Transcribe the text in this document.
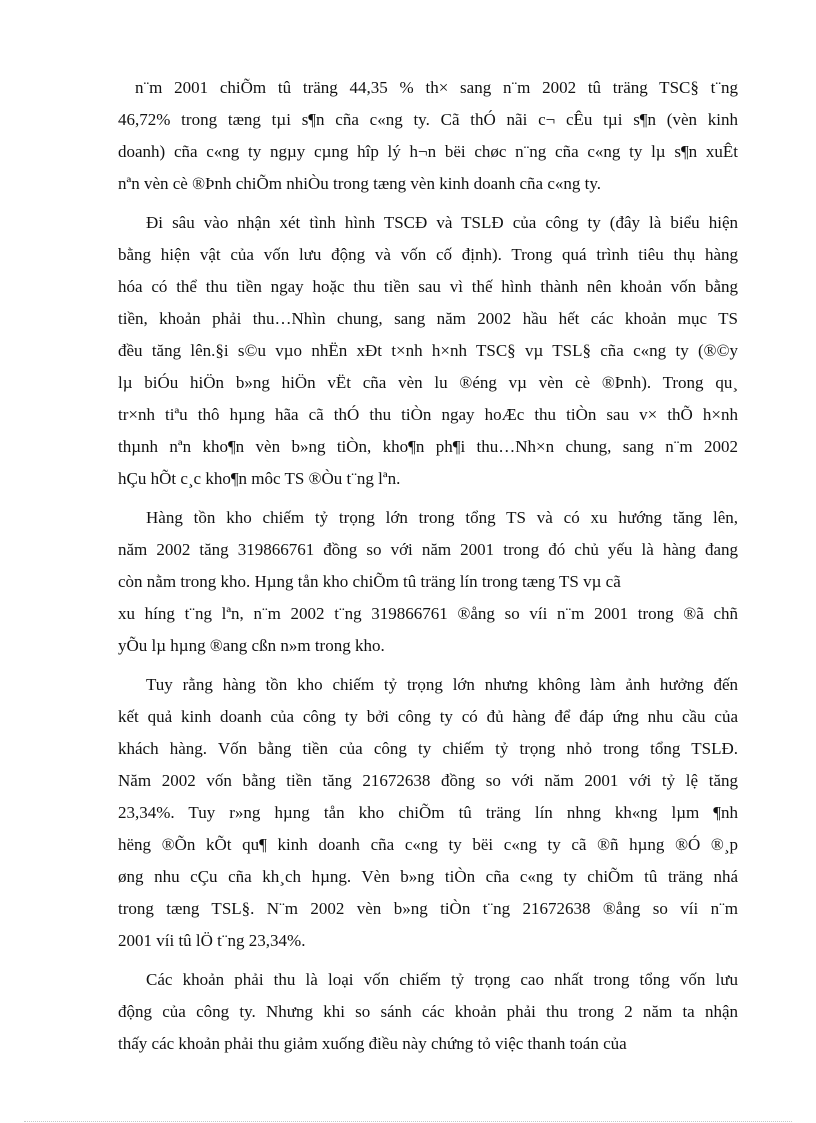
n¨m 2001 chiÕm tû träng 44,35 % th× sang n¨m 2002 tû träng TSC§ t¨ng
46,72% trong tæng tµi s¶n cña c«ng ty. Cã thÓ nãi c¬ cÊu tµi s¶n (vèn kinh
doanh) cña c«ng ty ngµy cµng hîp lý h¬n bëi chøc n¨ng cña c«ng ty lµ s¶n xuÊt
nªn vèn cè ®Þnh chiÕm nhiÒu trong tæng vèn kinh doanh cña c«ng ty.
Đi sâu vào nhận xét tình hình TSCĐ và TSLĐ của công ty (đây là biểu hiện
bằng hiện vật của vốn lưu động và vốn cố định). Trong quá trình tiêu thụ hàng
hóa có thể thu tiền ngay hoặc thu tiền sau vì thế hình thành nên khoản vốn bằng
tiền, khoản phải thu…Nhìn chung, sang năm 2002 hầu hết các khoản mục TS
đều tăng lên.§i s©u vµo nhËn xÐt t×nh h×nh TSC§ vµ TSL§ cña c«ng ty (®©y
lµ biÓu hiÖn b»ng hiÖn vËt cña vèn lu ®éng vµ vèn cè ®Þnh). Trong qu¸
tr×nh tiªu thô hµng hãa cã thÓ thu tiÒn ngay hoÆc thu tiÒn sau v× thÕ h×nh
thµnh nªn kho¶n vèn b»ng tiÒn, kho¶n ph¶i thu…Nh×n chung, sang n¨m 2002
hÇu hÕt c¸c kho¶n môc TS ®Òu t¨ng lªn.
Hàng tồn kho chiếm tỷ trọng lớn trong tổng TS và có xu hướng tăng lên,
năm 2002 tăng 319866761 đồng so với năm 2001 trong đó chủ yếu là hàng đang
còn nằm trong kho. Hµng tån kho chiÕm tû träng lín trong tæng TS vµ cã
xu híng t¨ng lªn, n¨m 2002 t¨ng 319866761 ®ång so víi n¨m 2001 trong ®ã chñ
yÕu lµ hµng ®ang cßn n»m trong kho.
Tuy rằng hàng tồn kho chiếm tỷ trọng lớn nhưng không làm ảnh hưởng đến
kết quả kinh doanh của công ty bởi công ty có đủ hàng để đáp ứng nhu cầu của
khách hàng. Vốn bằng tiền của công ty chiếm tỷ trọng nhỏ trong tổng TSLĐ.
Năm 2002 vốn bằng tiền tăng 21672638 đồng so với năm 2001 với tỷ lệ tăng
23,34%. Tuy r»ng hµng tån kho chiÕm tû träng lín nhng kh«ng lµm ¶nh
hëng ®Õn kÕt qu¶ kinh doanh cña c«ng ty bëi c«ng ty cã ®ñ hµng ®Ó ®¸p
øng nhu cÇu cña kh¸ch hµng. Vèn b»ng tiÒn cña c«ng ty chiÕm tû träng nhá
trong tæng TSL§. N¨m 2002 vèn b»ng tiÒn t¨ng 21672638 ®ång so víi n¨m
2001 víi tû lÖ t¨ng 23,34%.
Các khoản phải thu là loại vốn chiếm tỷ trọng cao nhất trong tổng vốn lưu
động của công ty. Nhưng khi so sánh các khoản phải thu trong 2 năm ta nhận
thấy các khoản phải thu giảm xuống điều này chứng tỏ việc thanh toán của
